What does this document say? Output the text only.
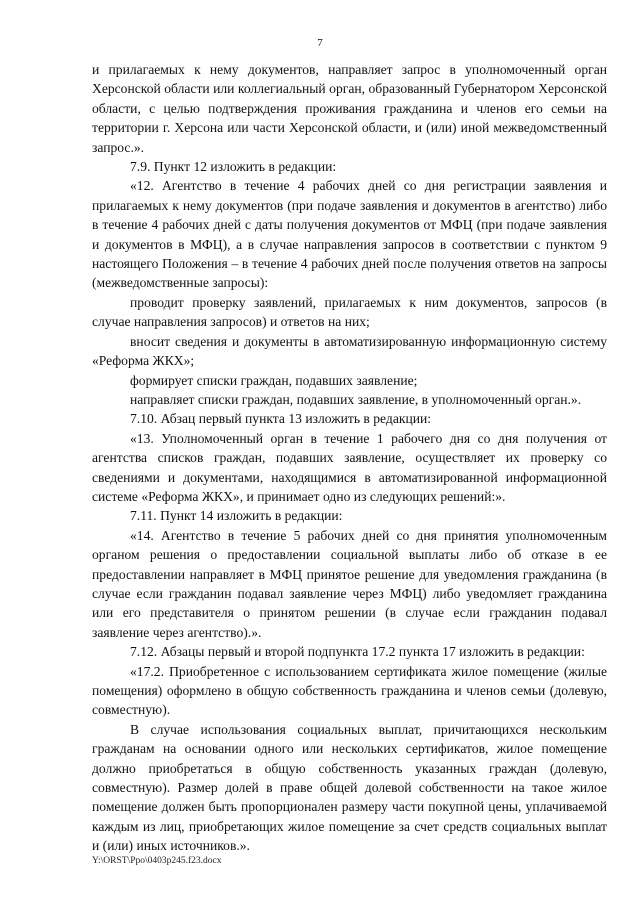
7

и прилагаемых к нему документов, направляет запрос в уполномоченный орган Херсонской области или коллегиальный орган, образованный Губернатором Херсонской области, с целью подтверждения проживания гражданина и членов его семьи на территории г. Херсона или части Херсонской области, и (или) иной межведомственный запрос.».

7.9. Пункт 12 изложить в редакции:

«12. Агентство в течение 4 рабочих дней со дня регистрации заявления и прилагаемых к нему документов (при подаче заявления и документов в агентство) либо в течение 4 рабочих дней с даты получения документов от МФЦ (при подаче заявления и документов в МФЦ), а в случае направления запросов в соответствии с пунктом 9 настоящего Положения – в течение 4 рабочих дней после получения ответов на запросы (межведомственные запросы):

проводит проверку заявлений, прилагаемых к ним документов, запросов (в случае направления запросов) и ответов на них;

вносит сведения и документы в автоматизированную информационную систему «Реформа ЖКХ»;

формирует списки граждан, подавших заявление;

направляет списки граждан, подавших заявление, в уполномоченный орган.».

7.10. Абзац первый пункта 13 изложить в редакции:

«13. Уполномоченный орган в течение 1 рабочего дня со дня получения от агентства списков граждан, подавших заявление, осуществляет их проверку со сведениями и документами, находящимися в автоматизированной информационной системе «Реформа ЖКХ», и принимает одно из следующих решений:».

7.11. Пункт 14 изложить в редакции:

«14. Агентство в течение 5 рабочих дней со дня принятия уполномоченным органом решения о предоставлении социальной выплаты либо об отказе в ее предоставлении направляет в МФЦ принятое решение для уведомления гражданина (в случае если гражданин подавал заявление через МФЦ) либо уведомляет гражданина или его представителя о принятом решении (в случае если гражданин подавал заявление через агентство).».

7.12. Абзацы первый и второй подпункта 17.2 пункта 17 изложить в редакции:

«17.2. Приобретенное с использованием сертификата жилое помещение (жилые помещения) оформлено в общую собственность гражданина и членов семьи (долевую, совместную).

В случае использования социальных выплат, причитающихся нескольким гражданам на основании одного или нескольких сертификатов, жилое помещение должно приобретаться в общую собственность указанных граждан (долевую, совместную). Размер долей в праве общей долевой собственности на такое жилое помещение должен быть пропорционален размеру части покупной цены, уплачиваемой каждым из лиц, приобретающих жилое помещение за счет средств социальных выплат и (или) иных источников.».

Y:\ORST\Ppo\0403p245.f23.docx
